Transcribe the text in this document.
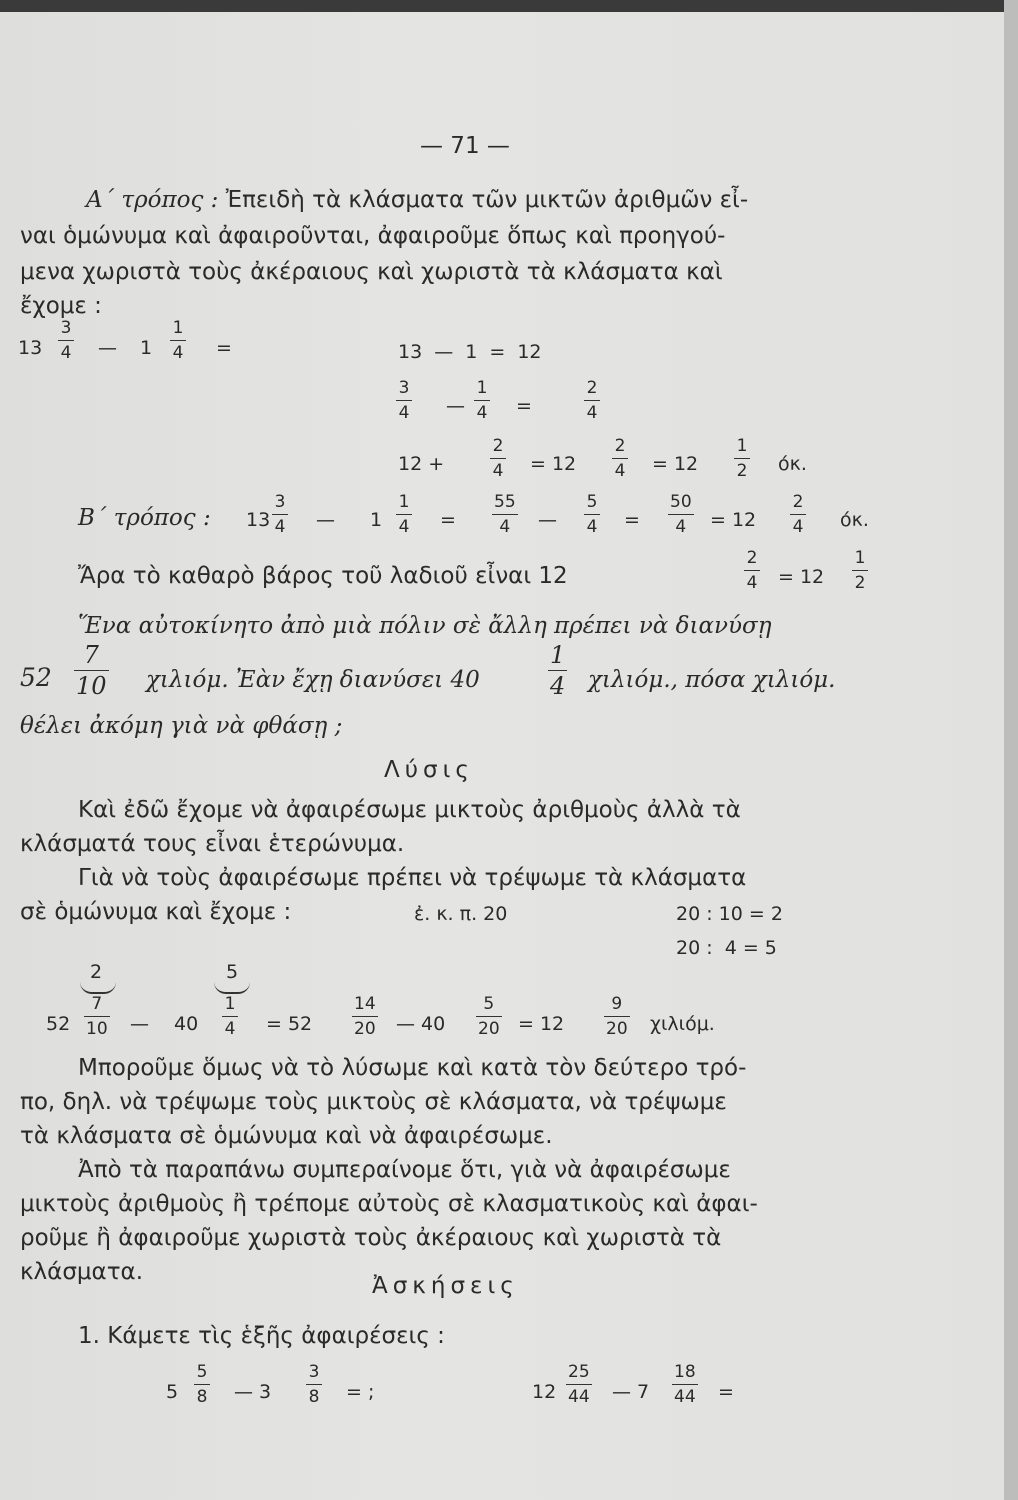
— 71 —
Α΄ τρόπος : Ἐπειδὴ τὰ κλάσματα τῶν μικτῶν ἀριθμῶν εἶ-
ναι ὁμώνυμα καὶ ἀφαιροῦνται, ἀφαιροῦμε ὅπως καὶ προηγού-
μενα χωριστὰ τοὺς ἀκέραιους καὶ χωριστὰ τὰ κλάσματα καὶ
ἔχομε :
13
3
4 — 1
1
4 =	13 — 1 = 12
3
4 —
1
4 =
2
4
12 +
2
4 = 12
2
4 = 12
1
2 όκ.
Β΄ τρόπος : 13
3
4 — 1
1
4 =
55
4 —
5
4 =
50
4 = 12
2
4 όκ.
Ἄρα τὸ καθαρὸ βάρος τοῦ λαδιοῦ εἶναι 12
2
4 = 12
1
2
Ἕνα αὐτοκίνητο ἀπὸ μιὰ πόλιν σὲ ἄλλη πρέπει νὰ διανύσῃ
52
7
10 χιλιόμ. Ἐὰν ἔχῃ διανύσει 40
1
4 χιλιόμ., πόσα χιλιόμ.
θέλει ἀκόμη γιὰ νὰ φθάσῃ ;
Λύσις
Καὶ ἐδῶ ἔχομε νὰ ἀφαιρέσωμε μικτοὺς ἀριθμοὺς ἀλλὰ τὰ
κλάσματά τους εἶναι ἑτερώνυμα.
Γιὰ νὰ τοὺς ἀφαιρέσωμε πρέπει νὰ τρέψωμε τὰ κλάσματα
σὲ ὁμώνυμα καὶ ἔχομε :	ἐ. κ. π. 20	20 : 10 = 2
20 :  4 = 5
2	5
52
7
10 — 40
1
4 = 52
14
20 — 40
5
20 = 12
9
20 χιλιόμ.
Μποροῦμε ὅμως νὰ τὸ λύσωμε καὶ κατὰ τὸν δεύτερο τρό-
πο, δηλ. νὰ τρέψωμε τοὺς μικτοὺς σὲ κλάσματα, νὰ τρέψωμε
τὰ κλάσματα σὲ ὁμώνυμα καὶ νὰ ἀφαιρέσωμε.
Ἀπὸ τὰ παραπάνω συμπεραίνομε ὅτι, γιὰ νὰ ἀφαιρέσωμε
μικτοὺς ἀριθμοὺς ἢ τρέπομε αὐτοὺς σὲ κλασματικοὺς καὶ ἀφαι-
ροῦμε ἢ ἀφαιροῦμε χωριστὰ τοὺς ἀκέραιους καὶ χωριστὰ τὰ
κλάσματα.
Ἀσκήσεις
1. Κάμετε τὶς ἑξῆς ἀφαιρέσεις :
5
5
8 — 3
3
8 = ;	12
25
44 — 7
18
44 =
